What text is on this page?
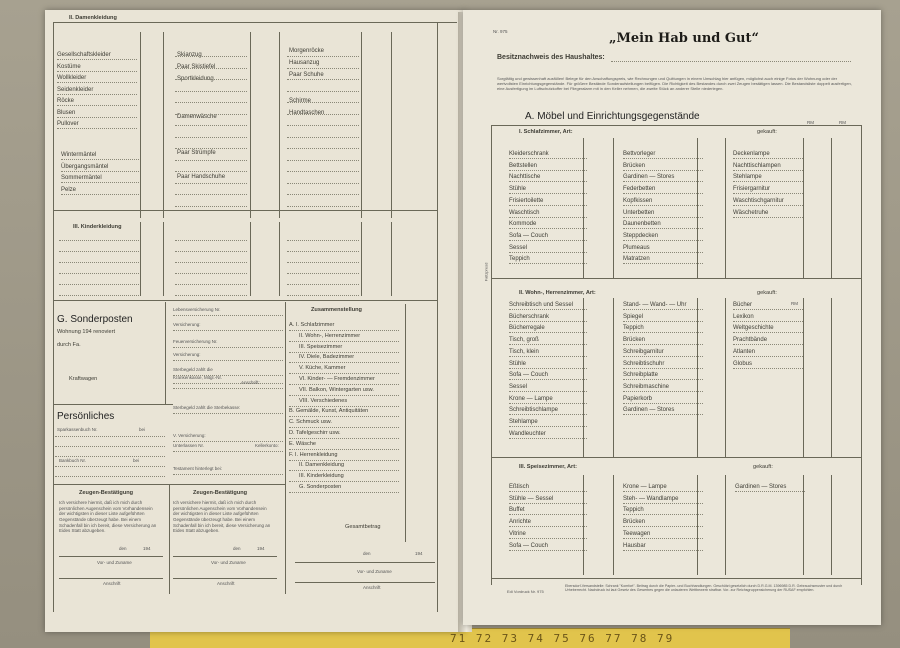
71 72 73 74 75 76 77 78 79
II. Damenkleidung
Gesellschaftskleider
Kostüme
Wollkleider
Seidenkleider
Röcke
Blusen
Pullover
Wintermäntel
Übergangsmäntel
Sommermäntel
Pelze
Skianzug
Paar Skistiefel
Sportkleidung
Damenwäsche
Paar Strümpfe
Paar Handschuhe
Morgenröcke
Hausanzug
Paar Schuhe
Schirme
Handtaschen
III. Kinderkleidung
G. Sonderposten
Wohnung 194 renoviert
durch Fa.
Kraftwagen
Lebensversicherung Nr.
Versicherung:
Feuerversicherung Nr.
Versicherung:
Sterbegeld zahlt die
Krankenkasse, Mitgl.-Nr.
Anschrift:
Sterbegeld zahlt die Sterbekasse:
V. Versicherung:
Unterlassen Nr.	Kellerkonto:
Testament hinterlegt bei:
Zusammenstellung
A. I. Schlafzimmer
II. Wohn-, Herrenzimmer
III. Speisezimmer
IV. Diele, Badezimmer
V. Küche, Kammer
VI. Kinder- — Fremdenzimmer
VII. Balkon, Wintergarten usw.
VIII. Verschiedenes
B. Gemälde, Kunst, Antiquitäten
C. Schmuck usw.
D. Tafelgeschirr usw.
E. Wäsche
F. I. Herrenkleidung
II. Damenkleidung
III. Kinderkleidung
G. Sonderposten
Gesamtbetrag
den	194
Vor- und Zuname
Anschrift
Persönliches
Sparkassenbuch Nr.	bei
Bankbuch Nr.	bei
Zeugen-Bestätigung
Ich versichere hiermit, daß ich mich durch persönlichen Augenschein vom Vorhandensein der wichtigsten in dieser Liste aufgeführten Gegenstände überzeugt habe. Bei einem Schadenfall bin ich bereit, diese Versicherung an Eides Statt abzugeben.
den	194
Vor- und Zuname
Anschrift
Zeugen-Bestätigung
Ich versichere hiermit, daß ich mich durch persönlichen Augenschein vom Vorhandensein der wichtigsten in dieser Liste aufgeführten Gegenstände überzeugt habe. Bei einem Schadenfall bin ich bereit, diese Versicherung an Eides Statt abzugeben.
den	194
Vor- und Zuname
Anschrift
Nr. 975	„Mein Hab und Gut“
Besitznachweis des Haushaltes:
Sorgfältig und gewissenhaft ausfüllen! Belege für den Anschaffungspreis, wie Rechnungen und Quittungen in einem Umschlag hier anfügen, möglichst auch einige Fotos der Wohnung oder der wertvollsten Einrichtungsgegenstände. Für größere Bestände Sonderaufstellungen beifügen. Die Richtigkeit des Bestandes durch zwei Zeugen bestätigen lassen. Die Bestandsliste doppelt ausfertigen, eine Ausfertigung im Luftschutzkoffer bei Fliegeralarm mit in den Keller nehmen, die zweite Stück an anderer Stelle niederlegen.
A. Möbel und Einrichtungsgegenstände
RM	RM
I. Schlafzimmer, Art:	gekauft:
Kleiderschrank
Bettstellen
Nachttische
Stühle
Frisiertoilette
Waschtisch
Kommode
Sofa — Couch
Sessel
Teppich
Bettvorleger
Brücken
Gardinen — Stores
Federbetten
Kopfkissen
Unterbetten
Daunenbetten
Steppdecken
Plumeaus
Matratzen
Deckenlampe
Nachttischlampen
Stehlampe
Frisiergarnitur
Waschtischgarnitur
Wäschetruhe
II. Wohn-, Herrenzimmer, Art:	gekauft:
RM
Schreibtisch und Sessel
Bücherschrank
Bücherregale
Tisch, groß
Tisch, klein
Stühle
Sofa — Couch
Sessel
Krone — Lampe
Schreibtischlampe
Stehlampe
Wandleuchter
Stand- — Wand- — Uhr
Spiegel
Teppich
Brücken
Schreibgarnitur
Schreibtischuhr
Schreibplatte
Schreibmaschine
Papierkorb
Gardinen — Stores
Bücher
Lexikon
Weltgeschichte
Prachtbände
Atlanten
Globus
III. Speisezimmer, Art:	gekauft:
Eßtisch
Stühle — Sessel
Buffet
Anrichte
Vitrine
Sofa — Couch
Krone — Lampe
Steh- — Wandlampe
Teppich
Brücken
Teewagen
Hausbar
Gardinen — Stores
Edi Vordruck Nr. 975
Ebersdorf-Versandstelle: Schrank "Komfort". Beitrag durch die Papier- und Buchhandlungen. Geschützt gesetzlich durch D.R.G.M. 1396985 D.R. Gebrauchsmuster und durch Urheberrecht. Nachdruck ist laut Gesetz des Gewerbes gegen die unlauteren Wettbewerb strafbar. Vor- zur Reichsgruppensicherung der RUSAF empfohlen.
Faltzpresd
